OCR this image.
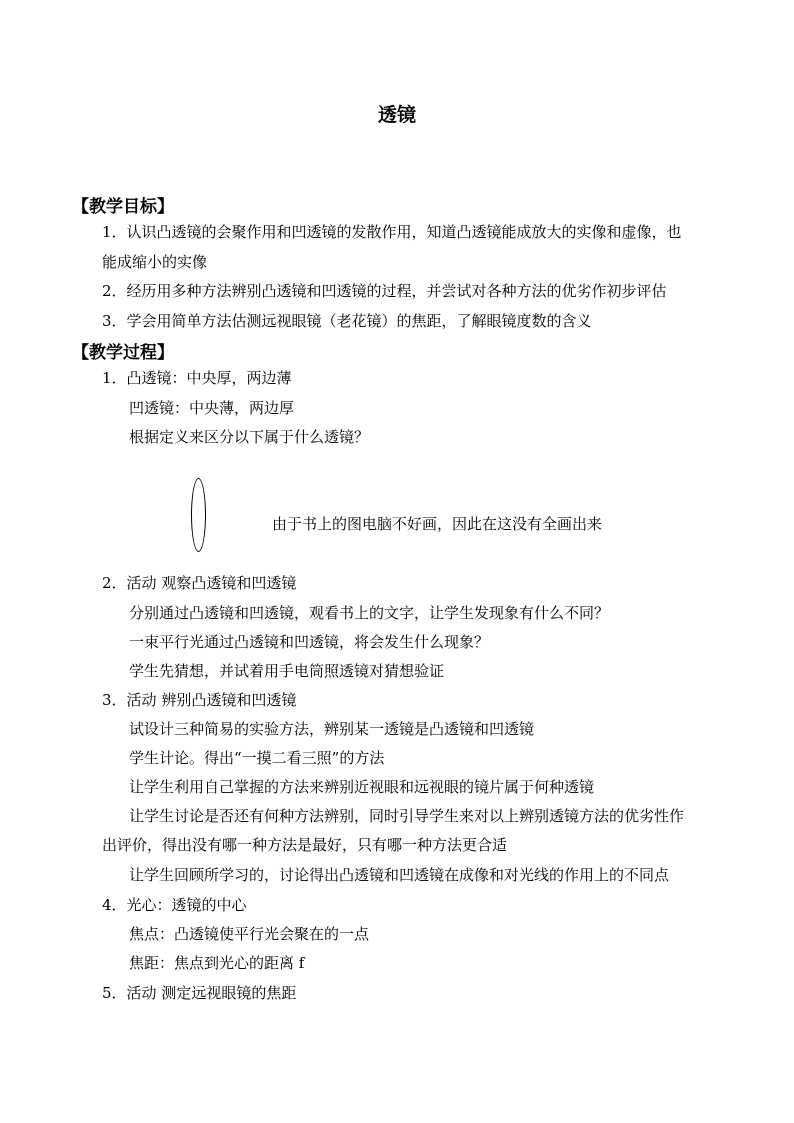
透镜
【教学目标】
1．认识凸透镜的会聚作用和凹透镜的发散作用，知道凸透镜能成放大的实像和虚像，也
能成缩小的实像
2．经历用多种方法辨别凸透镜和凹透镜的过程，并尝试对各种方法的优劣作初步评估
3．学会用简单方法估测远视眼镜（老花镜）的焦距，了解眼镜度数的含义
【教学过程】
1．凸透镜：中央厚，两边薄
凹透镜：中央薄，两边厚
根据定义来区分以下属于什么透镜？
由于书上的图电脑不好画，因此在这没有全画出来
2．活动 观察凸透镜和凹透镜
分别通过凸透镜和凹透镜，观看书上的文字，让学生发现象有什么不同？
一束平行光通过凸透镜和凹透镜，将会发生什么现象？
学生先猜想，并试着用手电筒照透镜对猜想验证
3．活动 辨别凸透镜和凹透镜
试设计三种简易的实验方法，辨别某一透镜是凸透镜和凹透镜
学生计论。得出“一摸二看三照”的方法
让学生利用自己掌握的方法来辨别近视眼和远视眼的镜片属于何种透镜
让学生讨论是否还有何种方法辨别，同时引导学生来对以上辨别透镜方法的优劣性作
出评价，得出没有哪一种方法是最好，只有哪一种方法更合适
让学生回顾所学习的，讨论得出凸透镜和凹透镜在成像和对光线的作用上的不同点
4．光心：透镜的中心
焦点：凸透镜使平行光会聚在的一点
焦距：焦点到光心的距离 f
5．活动 测定远视眼镜的焦距
